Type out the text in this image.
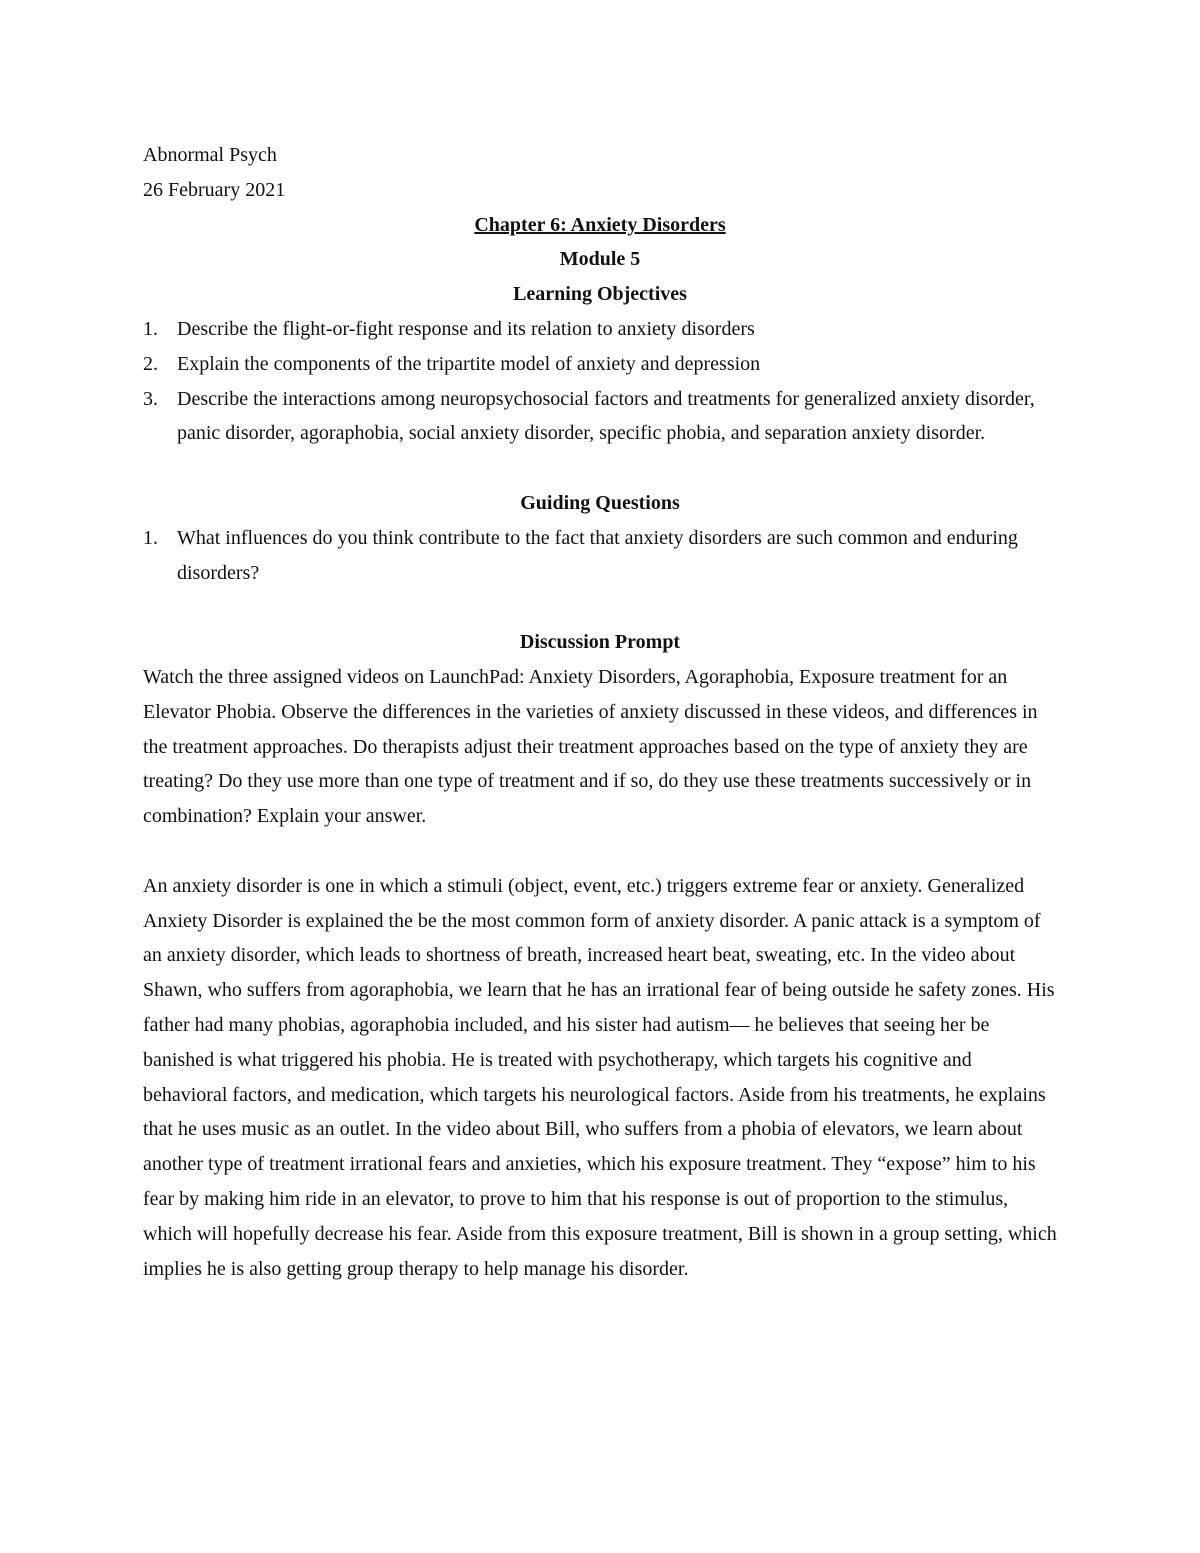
Abnormal Psych

26 February 2021

Chapter 6: Anxiety Disorders

Module 5

Learning Objectives

1. Describe the flight-or-fight response and its relation to anxiety disorders
2. Explain the components of the tripartite model of anxiety and depression
3. Describe the interactions among neuropsychosocial factors and treatments for generalized anxiety disorder, panic disorder, agoraphobia, social anxiety disorder, specific phobia, and separation anxiety disorder.

Guiding Questions

1. What influences do you think contribute to the fact that anxiety disorders are such common and enduring disorders?

Discussion Prompt

Watch the three assigned videos on LaunchPad: Anxiety Disorders, Agoraphobia, Exposure treatment for an Elevator Phobia. Observe the differences in the varieties of anxiety discussed in these videos, and differences in the treatment approaches. Do therapists adjust their treatment approaches based on the type of anxiety they are treating? Do they use more than one type of treatment and if so, do they use these treatments successively or in combination? Explain your answer.

An anxiety disorder is one in which a stimuli (object, event, etc.) triggers extreme fear or anxiety. Generalized Anxiety Disorder is explained the be the most common form of anxiety disorder. A panic attack is a symptom of an anxiety disorder, which leads to shortness of breath, increased heart beat, sweating, etc. In the video about Shawn, who suffers from agoraphobia, we learn that he has an irrational fear of being outside he safety zones. His father had many phobias, agoraphobia included, and his sister had autism— he believes that seeing her be banished is what triggered his phobia. He is treated with psychotherapy, which targets his cognitive and behavioral factors, and medication, which targets his neurological factors. Aside from his treatments, he explains that he uses music as an outlet. In the video about Bill, who suffers from a phobia of elevators, we learn about another type of treatment irrational fears and anxieties, which his exposure treatment. They “expose” him to his fear by making him ride in an elevator, to prove to him that his response is out of proportion to the stimulus, which will hopefully decrease his fear. Aside from this exposure treatment, Bill is shown in a group setting, which implies he is also getting group therapy to help manage his disorder.
